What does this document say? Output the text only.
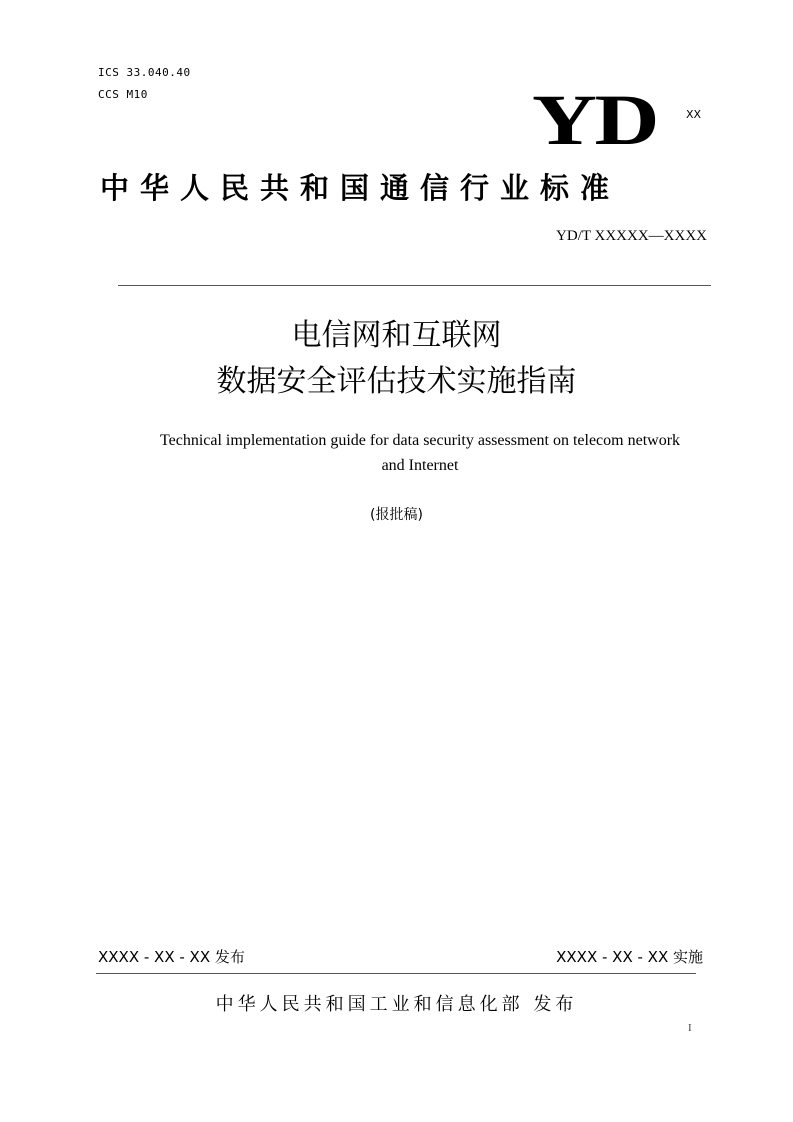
ICS 33.040.40
CCS M10	YD	XX
中华人民共和国通信行业标准
YD/T XXXXX—XXXX
电信网和互联网
数据安全评估技术实施指南
Technical implementation guide for data security assessment on telecom network
and Internet
(报批稿)
XXXX - XX - XX 发布	XXXX - XX - XX 实施
中华人民共和国工业和信息化部 发布
I
